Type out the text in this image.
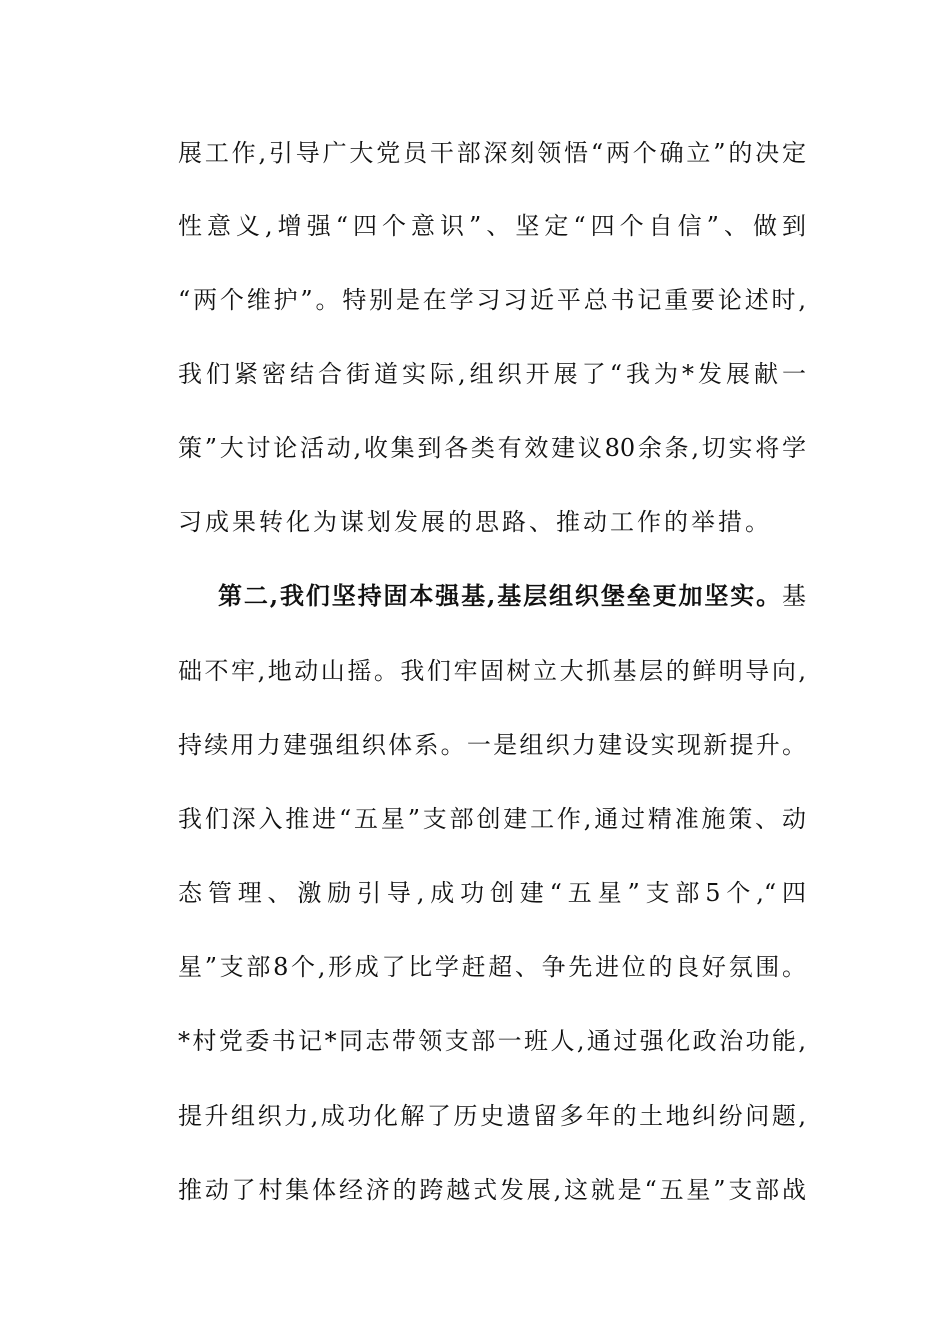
展工作,引导广大党员干部深刻领悟“两个确立”的决定
性意义,增强“四个意识”、坚定“四个自信”、做到
“两个维护”。特别是在学习习近平总书记重要论述时,
我们紧密结合街道实际,组织开展了“我为*发展献一
策”大讨论活动,收集到各类有效建议80余条,切实将学
习成果转化为谋划发展的思路、推动工作的举措。
第二,我们坚持固本强基,基层组织堡垒更加坚实。基
础不牢,地动山摇。我们牢固树立大抓基层的鲜明导向,
持续用力建强组织体系。一是组织力建设实现新提升。
我们深入推进“五星”支部创建工作,通过精准施策、动
态管理、激励引导,成功创建“五星”支部5个,“四
星”支部8个,形成了比学赶超、争先进位的良好氛围。
*村党委书记*同志带领支部一班人,通过强化政治功能,
提升组织力,成功化解了历史遗留多年的土地纠纷问题,
推动了村集体经济的跨越式发展,这就是“五星”支部战
